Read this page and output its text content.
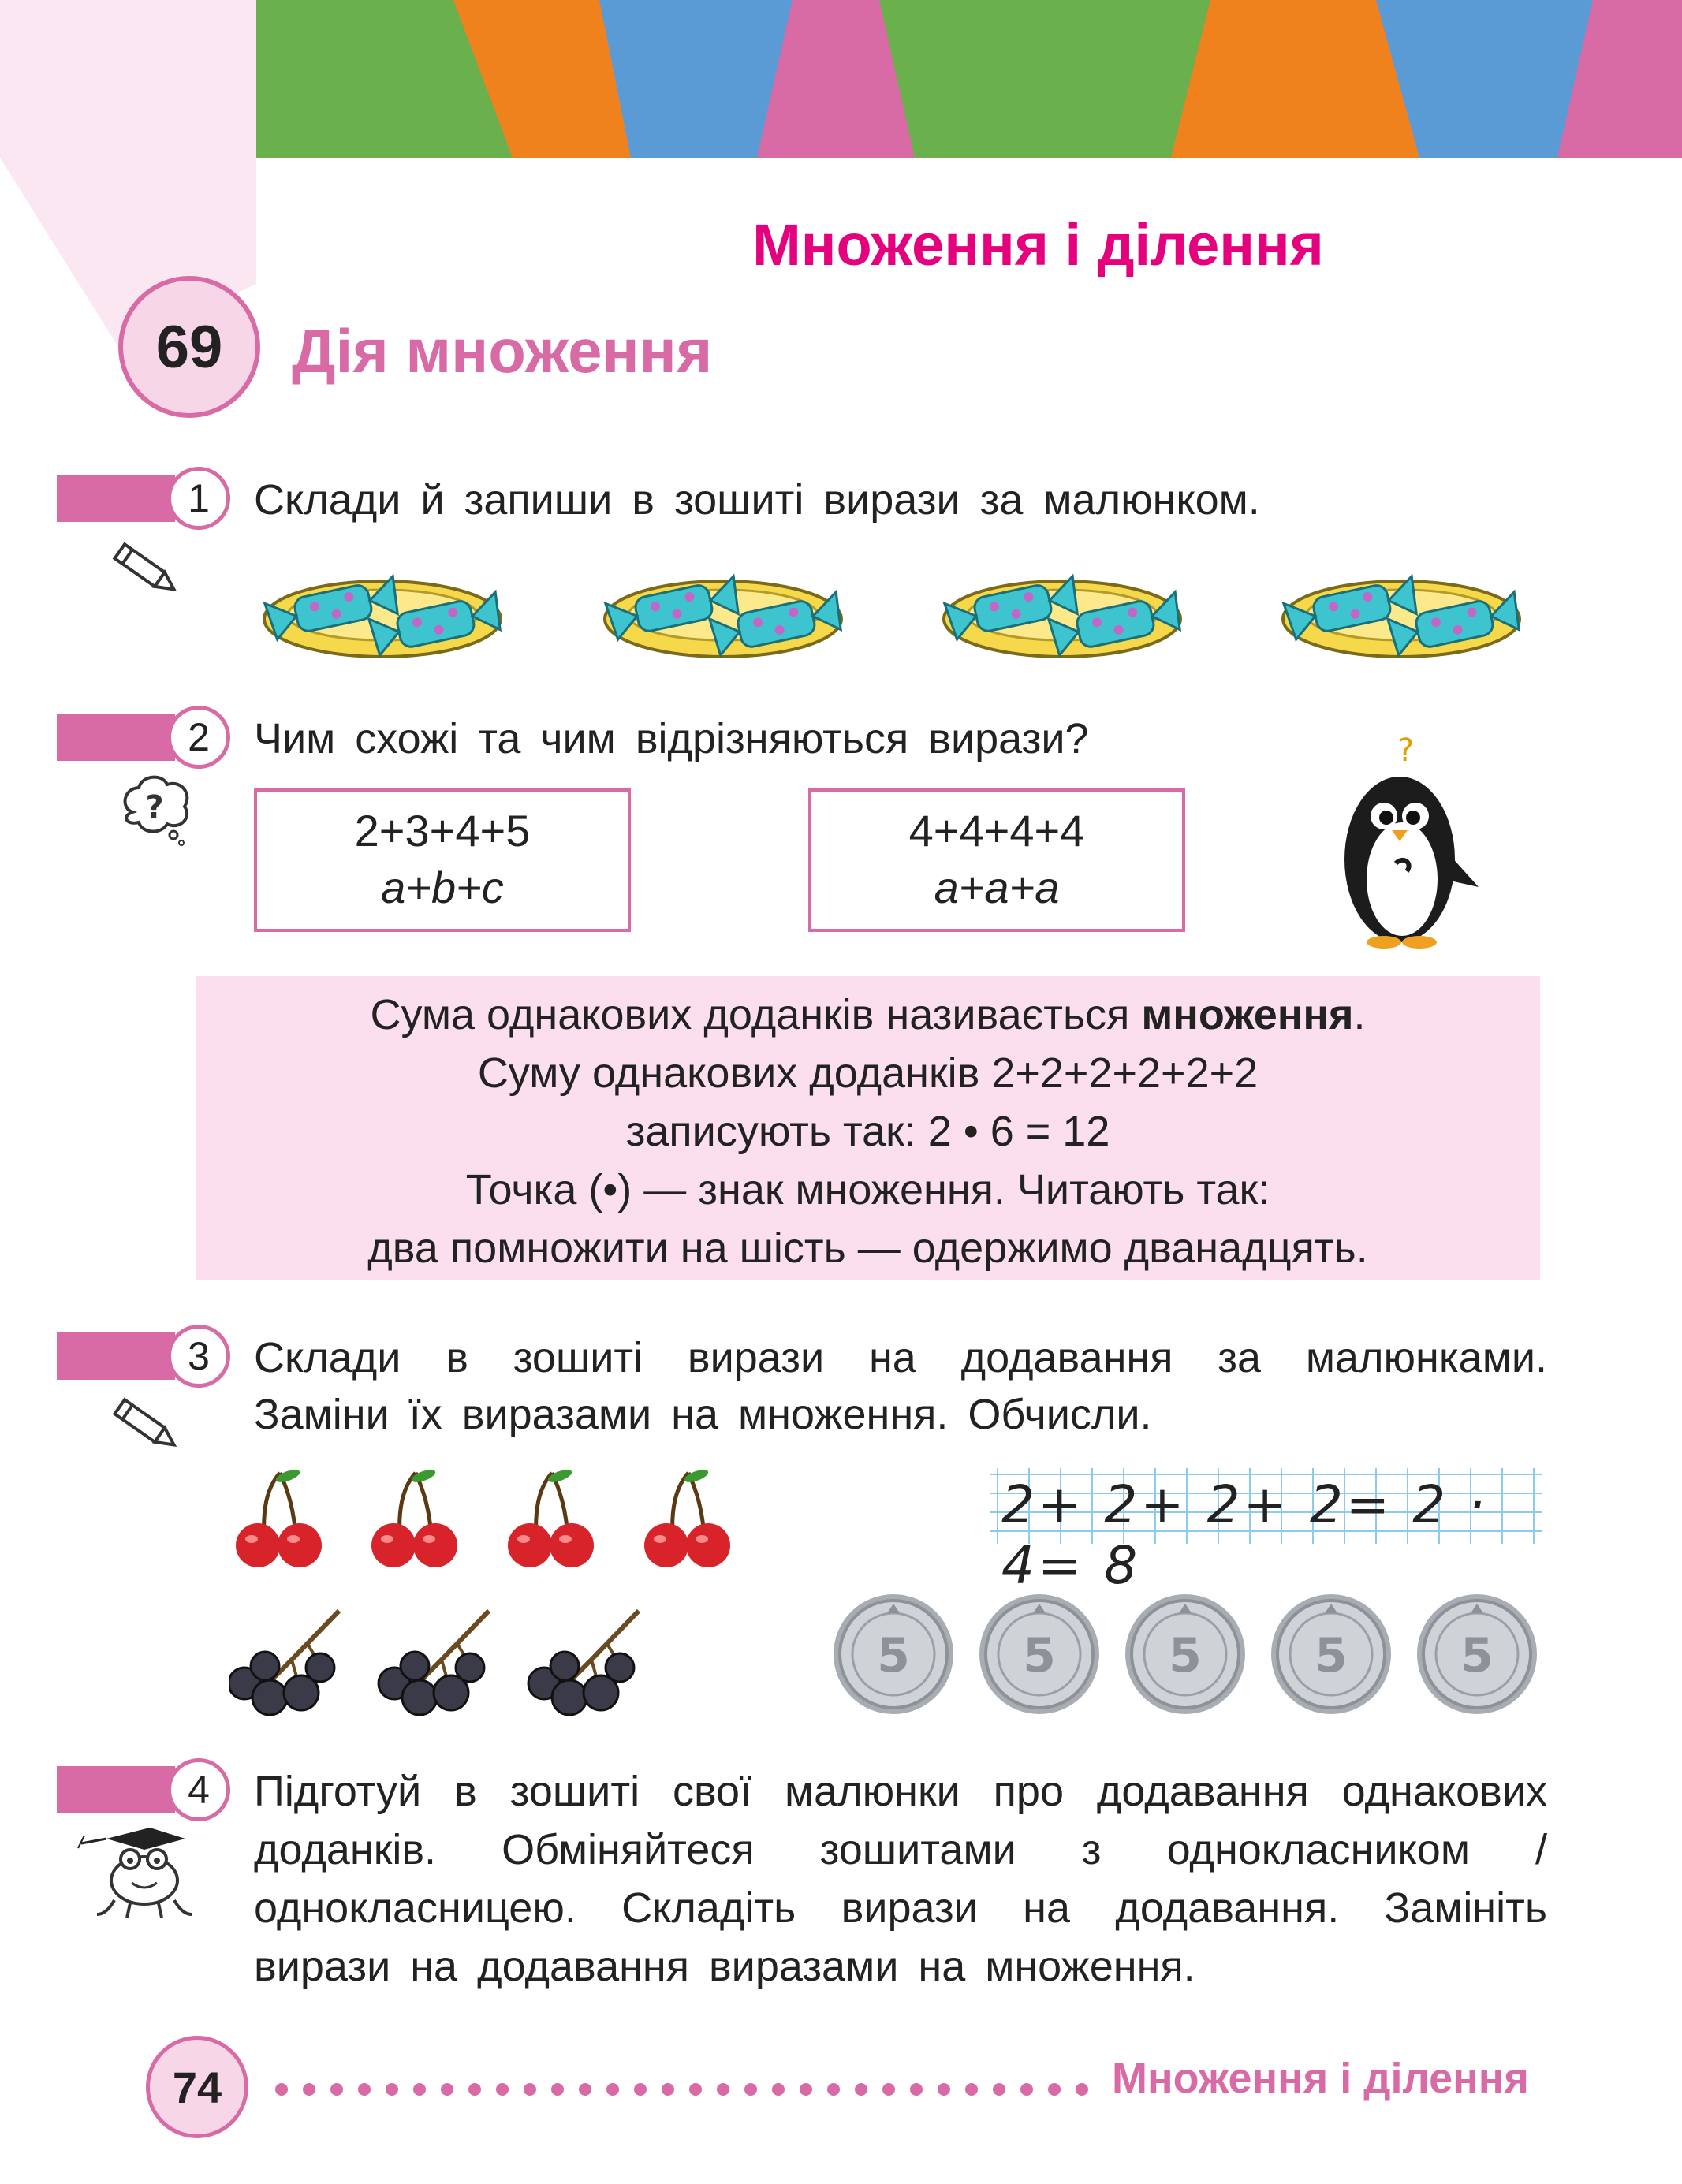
Множення і ділення
69	Дія множення
1	Склади й запиши в зошиті вирази за малюнком.
2	Чим схожі та чим відрізняються вирази?
?	2+3+4+5
a+b+c
4+4+4+4
a+a+a
?

Сума однакових доданків називається множення.

Суму однакових доданків 2+2+2+2+2+2

записують так: 2 • 6 = 12

Точка (•) — знак множення. Читають так:

два помножити на шість — одержимо дванадцять.

3	Склади в зошиті вирази на додавання за малюнками.
Заміни їх виразами на множення. Обчисли.
2+ 2+ 2+ 2= 2 · 4= 8
5 5 5 5 5
4	Підготуй в зошиті свої малюнки про додавання однакових
доданків. Обміняйтеся зошитами з однокласником /
однокласницею. Складіть вирази на додавання. Замініть
вирази на додавання виразами на множення.
74	Множення і ділення
